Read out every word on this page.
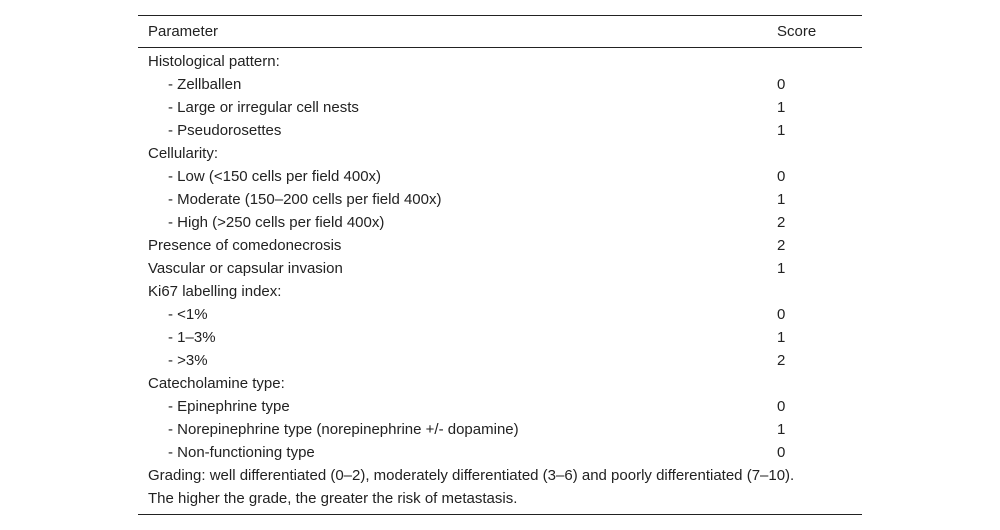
Parameter	Score
Histological pattern:
- Zellballen	0
- Large or irregular cell nests	1
- Pseudorosettes	1
Cellularity:
- Low (<150 cells per field 400x)	0
- Moderate (150–200 cells per field 400x)	1
- High (>250 cells per field 400x)	2
Presence of comedonecrosis	2
Vascular or capsular invasion	1
Ki67 labelling index:
- <1%	0
- 1–3%	1
- >3%	2
Catecholamine type:
- Epinephrine type	0
- Norepinephrine type (norepinephrine +/- dopamine)	1
- Non-functioning type	0
Grading: well differentiated (0–2), moderately differentiated (3–6) and poorly differentiated (7–10).
The higher the grade, the greater the risk of metastasis.
